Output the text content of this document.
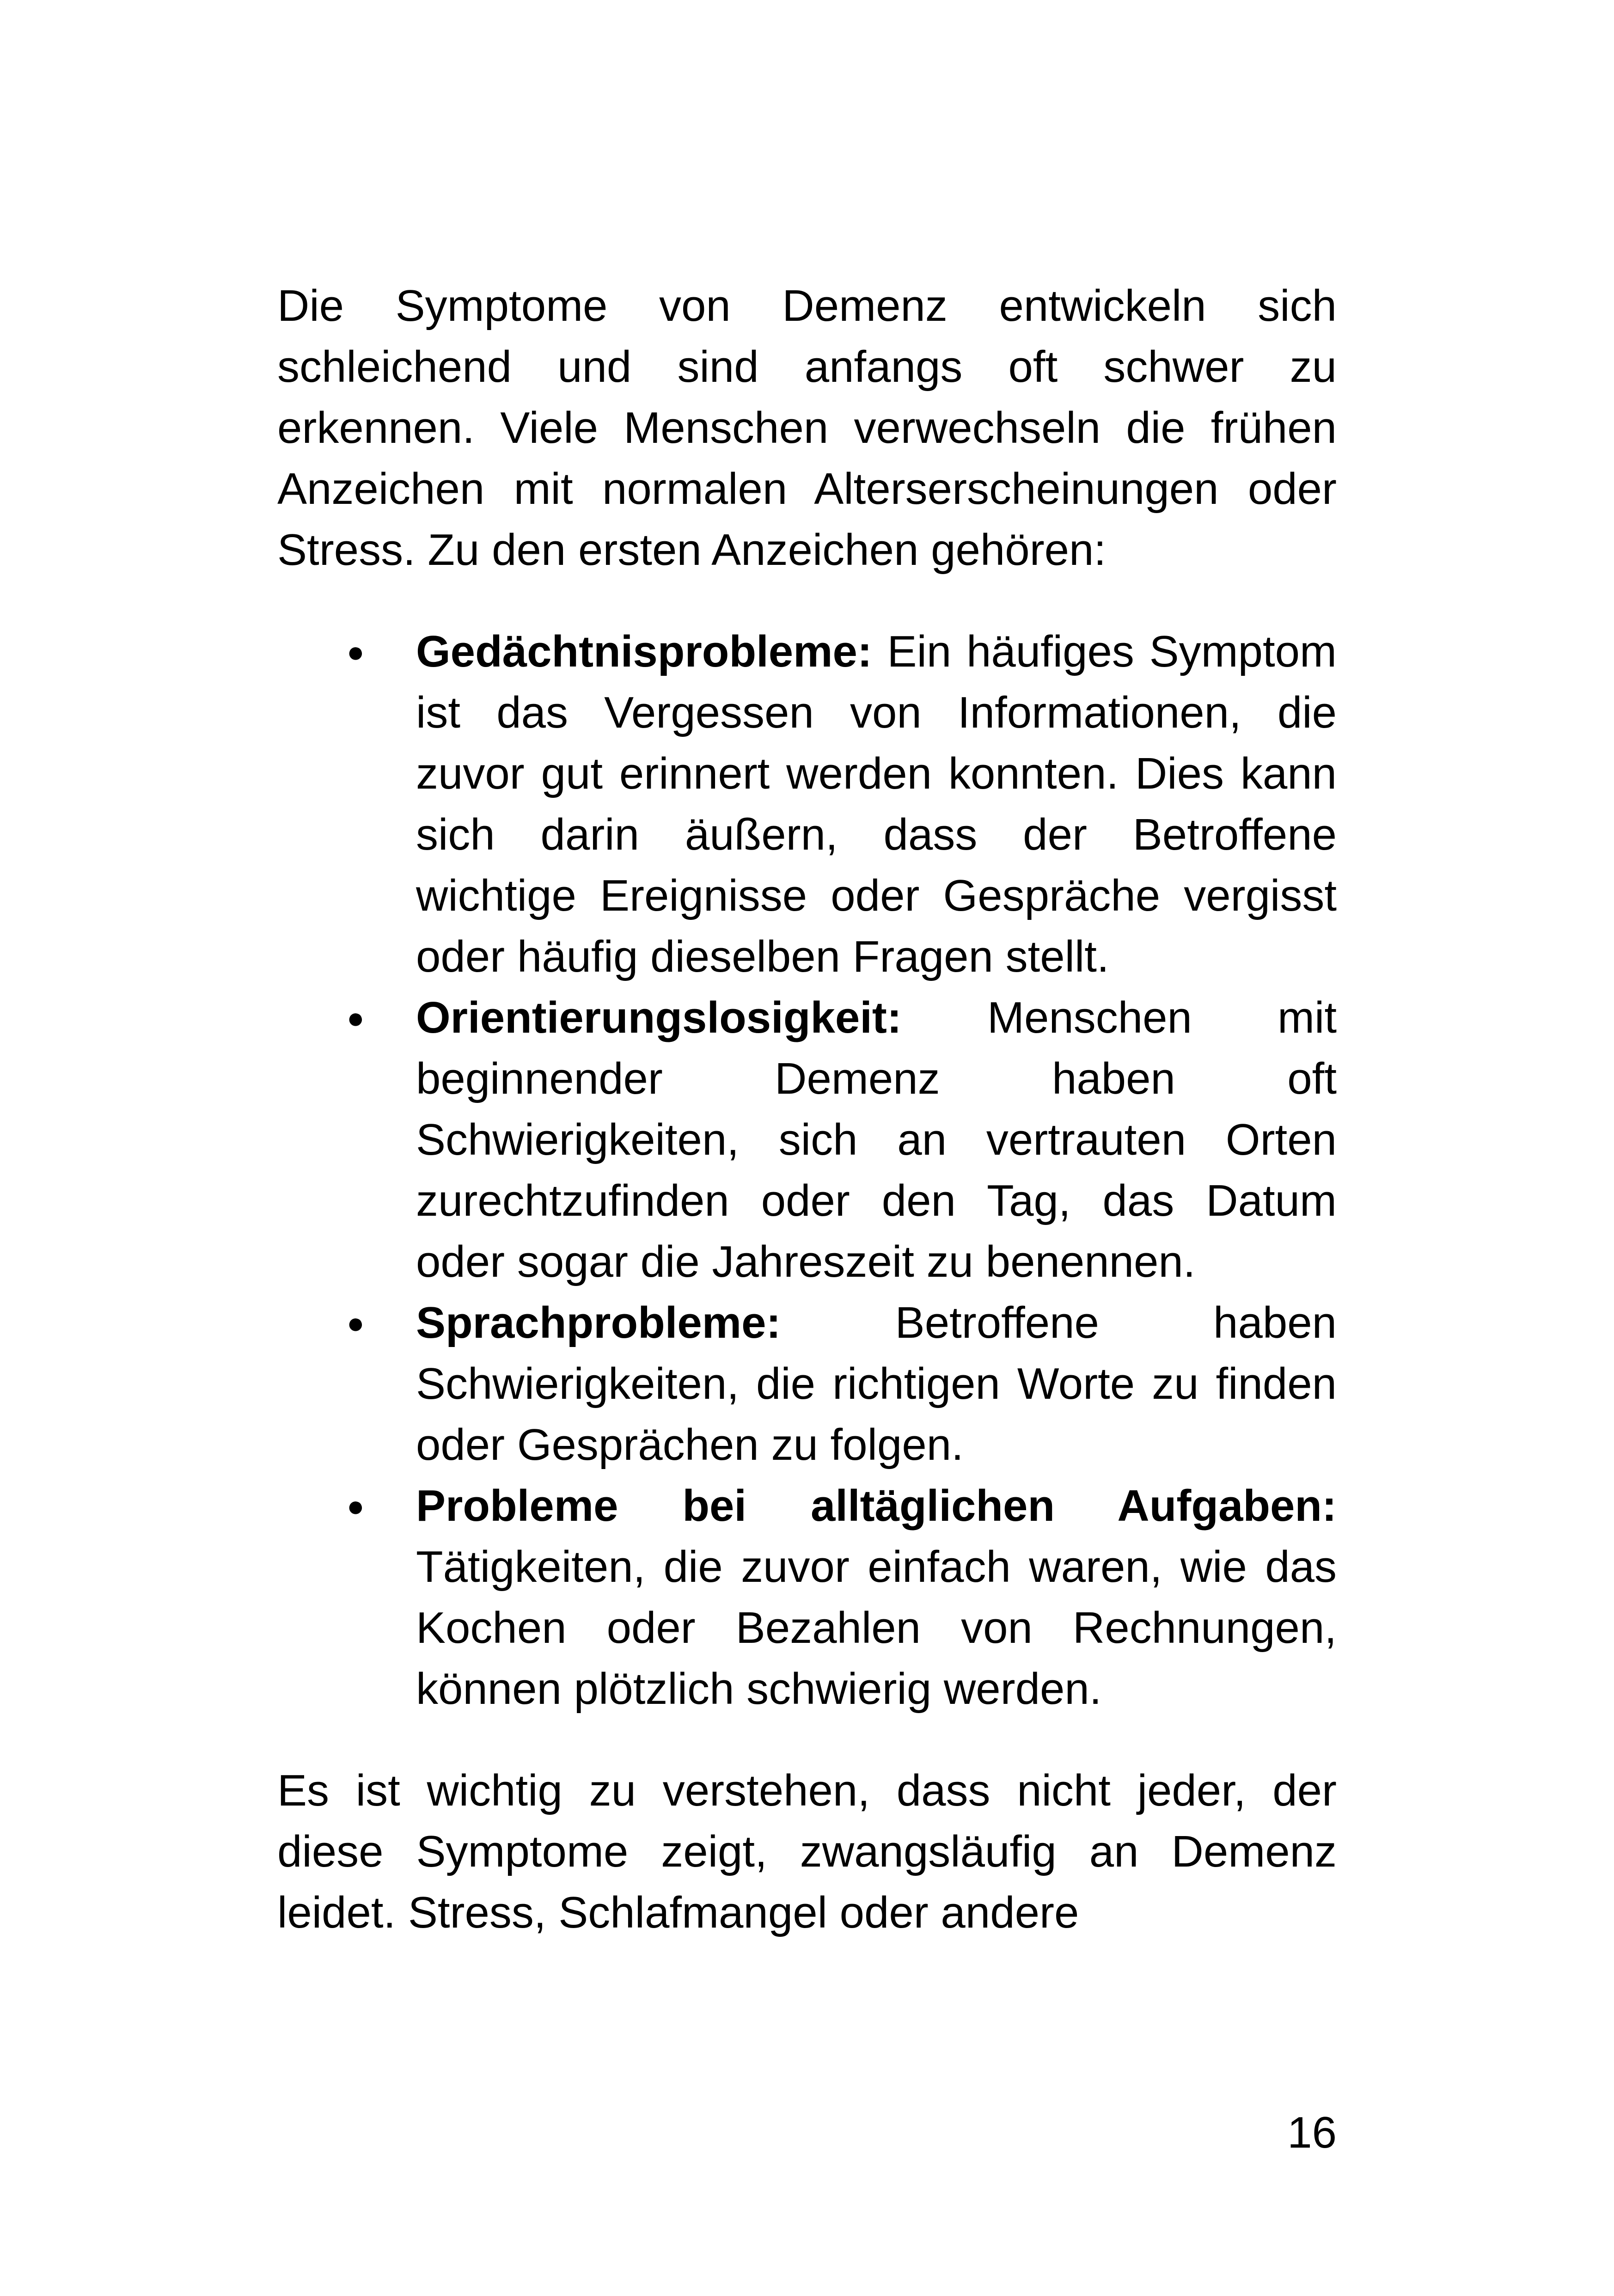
Die Symptome von Demenz entwickeln sich schleichend und sind anfangs oft schwer zu erkennen. Viele Menschen verwechseln die frühen Anzeichen mit normalen Alterserscheinungen oder Stress. Zu den ersten Anzeichen gehören:

● Gedächtnisprobleme: Ein häufiges Symptom ist das Vergessen von Informationen, die zuvor gut erinnert werden konnten. Dies kann sich darin äußern, dass der Betroffene wichtige Ereignisse oder Gespräche vergisst oder häufig dieselben Fragen stellt.
● Orientierungslosigkeit: Menschen mit beginnender Demenz haben oft Schwierigkeiten, sich an vertrauten Orten zurechtzufinden oder den Tag, das Datum oder sogar die Jahreszeit zu benennen.
● Sprachprobleme: Betroffene haben Schwierigkeiten, die richtigen Worte zu finden oder Gesprächen zu folgen.
● Probleme bei alltäglichen Aufgaben: Tätigkeiten, die zuvor einfach waren, wie das Kochen oder Bezahlen von Rechnungen, können plötzlich schwierig werden.

Es ist wichtig zu verstehen, dass nicht jeder, der diese Symptome zeigt, zwangsläufig an Demenz leidet. Stress, Schlafmangel oder andere

16
